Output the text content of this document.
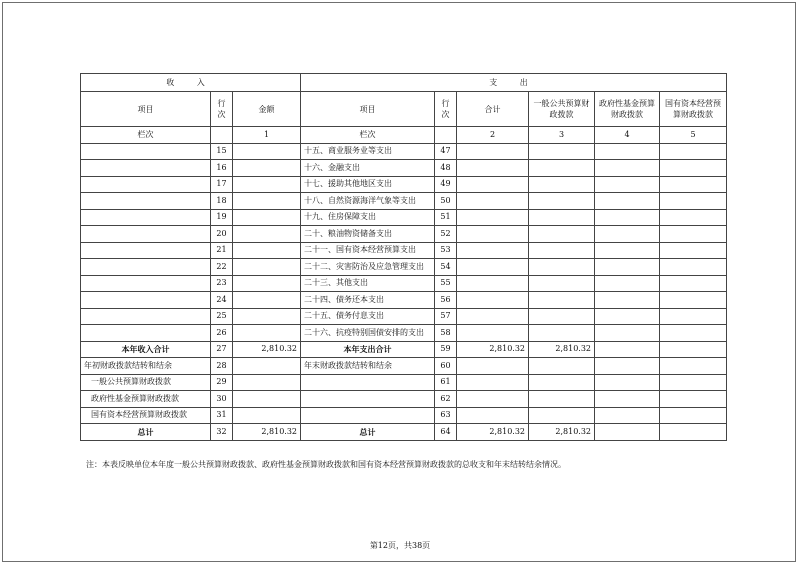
收 入			支 出					
项目	行次	金额	项目	行次	合计	一般公共预算财政拨款	政府性基金预算财政拨款	国有资本经营预算财政拨款
栏次		1	栏次		2	3	4	5
	15		十五、商业服务业等支出	47				
	16		十六、金融支出	48				
	17		十七、援助其他地区支出	49				
	18		十八、自然资源海洋气象等支出	50				
	19		十九、住房保障支出	51				
	20		二十、粮油物资储备支出	52				
	21		二十一、国有资本经营预算支出	53				
	22		二十二、灾害防治及应急管理支出	54				
	23		二十三、其他支出	55				
	24		二十四、债务还本支出	56				
	25		二十五、债务付息支出	57				
	26		二十六、抗疫特别国债安排的支出	58				
本年收入合计	27	2,810.32	本年支出合计	59	2,810.32	2,810.32		
年初财政拨款结转和结余	28		年末财政拨款结转和结余	60				
一般公共预算财政拨款	29			61				
政府性基金预算财政拨款	30			62				
国有资本经营预算财政拨款	31			63				
总计	32	2,810.32	总计	64	2,810.32	2,810.32		
注：本表反映单位本年度一般公共预算财政拨款、政府性基金预算财政拨款和国有资本经营预算财政拨款的总收支和年末结转结余情况。
第12页，共38页
